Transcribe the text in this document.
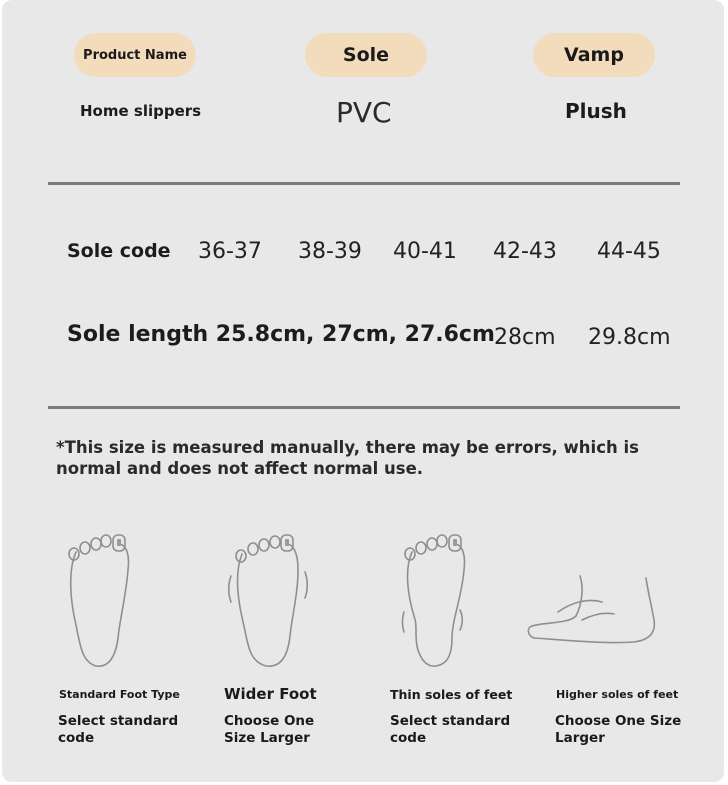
Product Name	Sole	Vamp
Home slippers	PVC	Plush
Sole code 36-37 38-39 40-41 42-43 44-45
Sole length 25.8cm, 27cm, 27.6cm 28cm 29.8cm
*This size is measured manually, there may be errors, which is normal and does not affect normal use.
Standard Foot Type	Wider Foot	Thin soles of feet	Higher soles of feet
Select standard code
Choose One Size Larger
Select standard code
Choose One Size Larger
